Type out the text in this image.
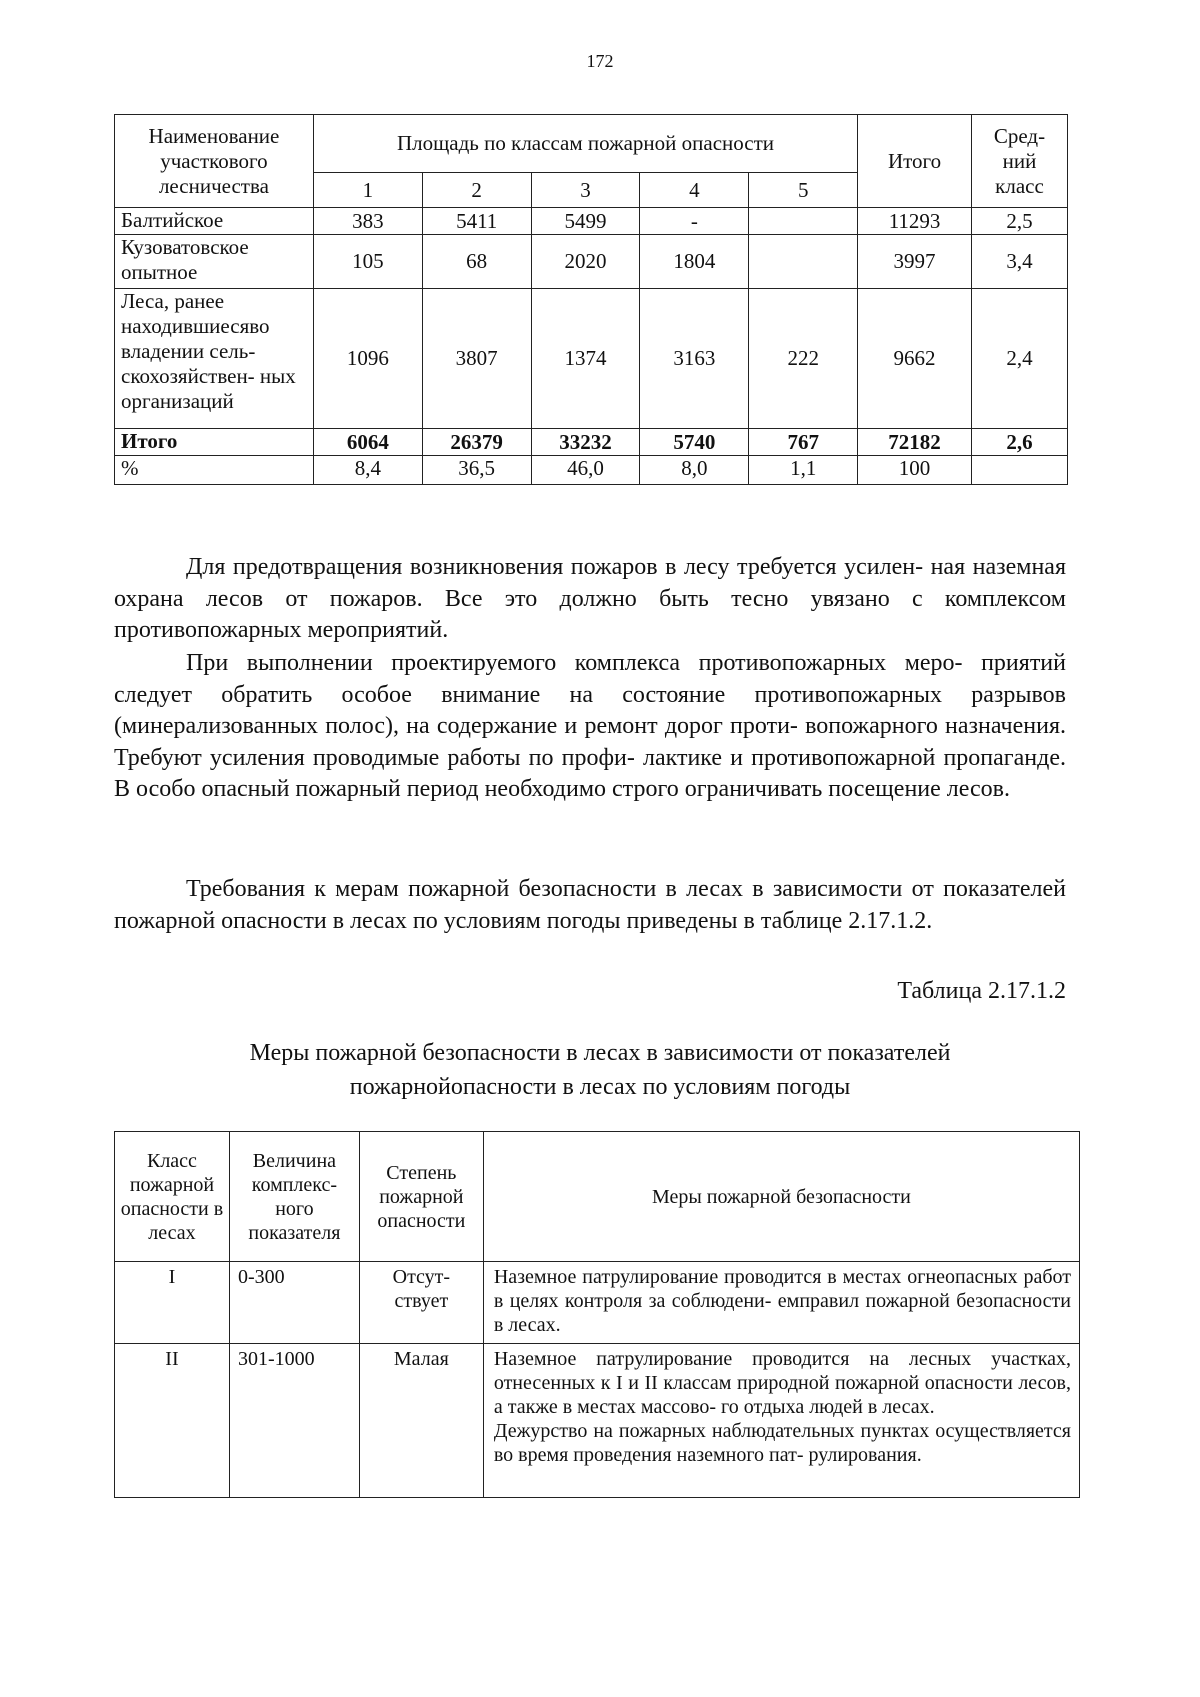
172
Наименование участкового лесничества	Площадь по классам пожарной опасности					Итого	Сред- ний класс
	1	2	3	4	5		
Балтийское	383	5411	5499	-		11293	2,5
Кузоватовское опытное	105	68	2020	1804		3997	3,4
Леса, ранее находившиесяво владении сель- скохозяйствен- ных организаций	1096	3807	1374	3163	222	9662	2,4
Итого	6064	26379	33232	5740	767	72182	2,6
%	8,4	36,5	46,0	8,0	1,1	100	

Для предотвращения возникновения пожаров в лесу требуется усилен- ная наземная охрана лесов от пожаров. Все это должно быть тесно увязано с комплексом противопожарных мероприятий.

При выполнении проектируемого комплекса противопожарных меро- приятий следует обратить особое внимание на состояние противопожарных разрывов (минерализованных полос), на содержание и ремонт дорог проти- вопожарного назначения. Требуют усиления проводимые работы по профи- лактике и противопожарной пропаганде. В особо опасный пожарный период необходимо строго ограничивать посещение лесов.

Требования к мерам пожарной безопасности в лесах в зависимости от показателей пожарной опасности в лесах по условиям погоды приведены в таблице 2.17.1.2.

Таблица 2.17.1.2
Меры пожарной безопасности в лесах в зависимости от показателей пожарнойопасности в лесах по условиям погоды
Класс пожарной опасности в лесах	Величина комплекс- ного показателя	Степень пожарной опасности	Меры пожарной безопасности
I	0-300	Отсут- ствует	Наземное патрулирование проводится в местах огнеопасных работ в целях контроля за соблюдени- емправил пожарной безопасности в лесах.
II	301-1000	Малая	Наземное патрулирование проводится на лесных участках, отнесенных к I и II классам природной пожарной опасности лесов, а также в местах массово- го отдыха людей в лесах.
Дежурство на пожарных наблюдательных пунктах осуществляется во время проведения наземного пат- рулирования.
